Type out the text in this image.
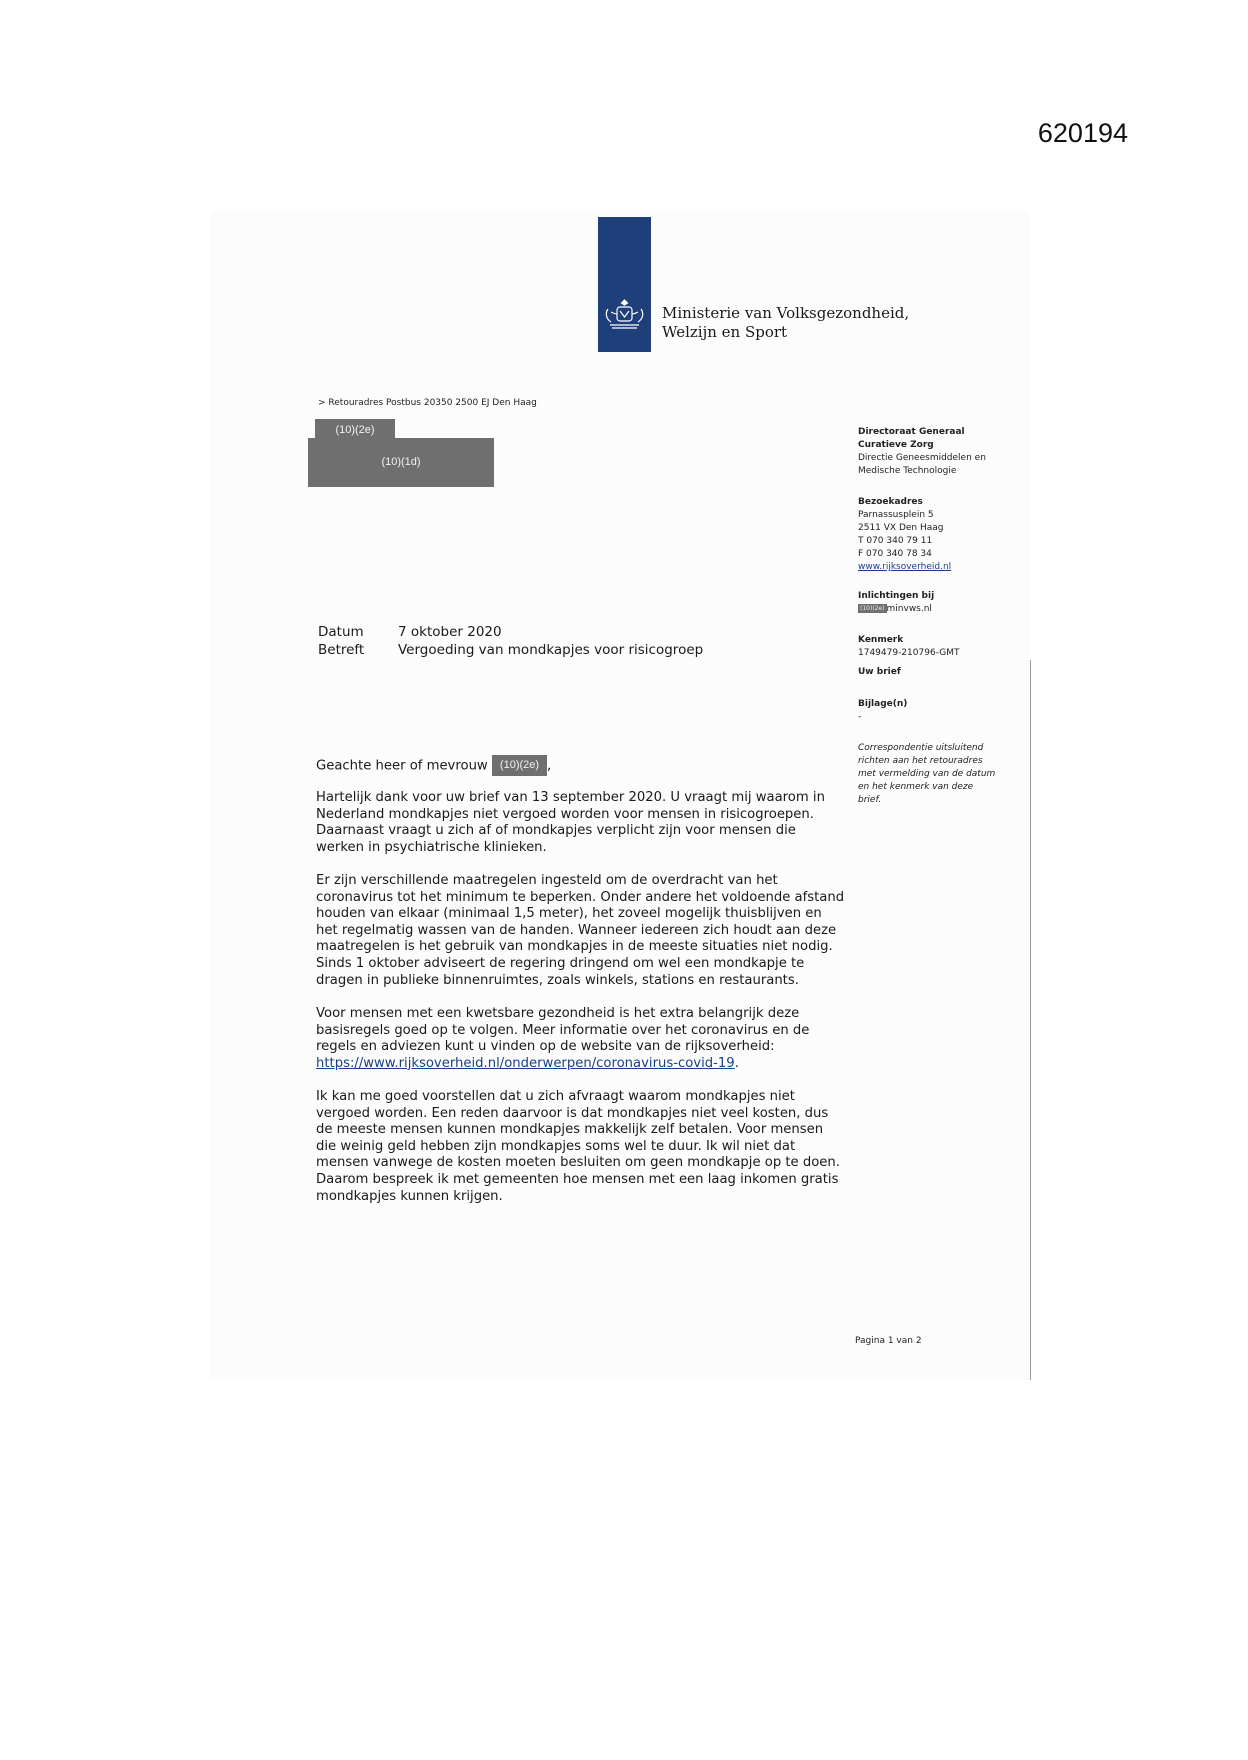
620194
Ministerie van Volksgezondheid,
Welzijn en Sport
> Retouradres Postbus 20350 2500 EJ Den Haag
(10)(1d)
(10)(2e)	Directoraat Generaal
Curatieve Zorg
Directie Geneesmiddelen en
Medische Technologie
Bezoekadres
Parnassusplein 5
2511 VX Den Haag
T 070 340 79 11
F 070 340 78 34
www.rijksoverheid.nl
Inlichtingen bij
(10)(2e) minvws.nl
Kenmerk
1749479-210796-GMT
Uw brief
Bijlage(n)
-
Correspondentie uitsluitend richten aan het retouradres met vermelding van de datum en het kenmerk van deze brief.
Datum	7 oktober 2020
Betreft	Vergoeding van mondkapjes voor risicogroep
Geachte heer of mevrouw (10)(2e) ,
Hartelijk dank voor uw brief van 13 september 2020. U vraagt mij waarom in Nederland mondkapjes niet vergoed worden voor mensen in risicogroepen. Daarnaast vraagt u zich af of mondkapjes verplicht zijn voor mensen die werken in psychiatrische klinieken.
Er zijn verschillende maatregelen ingesteld om de overdracht van het coronavirus tot het minimum te beperken. Onder andere het voldoende afstand houden van elkaar (minimaal 1,5 meter), het zoveel mogelijk thuisblijven en het regelmatig wassen van de handen. Wanneer iedereen zich houdt aan deze maatregelen is het gebruik van mondkapjes in de meeste situaties niet nodig. Sinds 1 oktober adviseert de regering dringend om wel een mondkapje te dragen in publieke binnenruimtes, zoals winkels, stations en restaurants.
Voor mensen met een kwetsbare gezondheid is het extra belangrijk deze basisregels goed op te volgen. Meer informatie over het coronavirus en de regels en adviezen kunt u vinden op de website van de rijksoverheid: https://www.rijksoverheid.nl/onderwerpen/coronavirus-covid-19.
Ik kan me goed voorstellen dat u zich afvraagt waarom mondkapjes niet vergoed worden. Een reden daarvoor is dat mondkapjes niet veel kosten, dus de meeste mensen kunnen mondkapjes makkelijk zelf betalen. Voor mensen die weinig geld hebben zijn mondkapjes soms wel te duur. Ik wil niet dat mensen vanwege de kosten moeten besluiten om geen mondkapje op te doen. Daarom bespreek ik met gemeenten hoe mensen met een laag inkomen gratis mondkapjes kunnen krijgen.
Pagina 1 van 2
